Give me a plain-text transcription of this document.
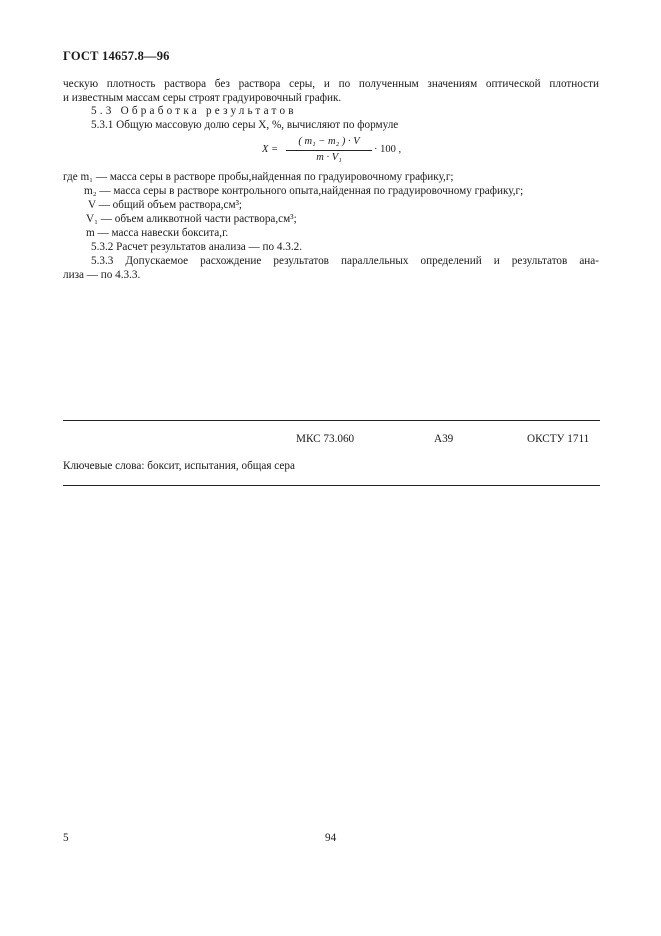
ГОСТ 14657.8—96
ческую плотность раствора без раствора серы, и по полученным значениям оптической плотности
и известным массам серы строят градуировочный график.
5.3 Обработка результатов
5.3.1 Общую массовую долю серы X, %, вычисляют по формуле
X =
( m₁ − m₂ ) · V
m · V₁
· 100 ,
где m₁ — масса серы в растворе пробы,найденная по градуировочному графику,г;
m₂ — масса серы в растворе контрольного опыта,найденная по градуировочному графику,г;
V — общий объем раствора,см³;
V₁ — объем аликвотной части раствора,см³;
m — масса навески боксита,г.
5.3.2 Расчет результатов анализа — по 4.3.2.
5.3.3 Допускаемое расхождение результатов параллельных определений и результатов ана-
лиза — по 4.3.3.
МКС 73.060	А39	ОКСТУ 1711
Ключевые слова: боксит, испытания, общая сера
5	94
